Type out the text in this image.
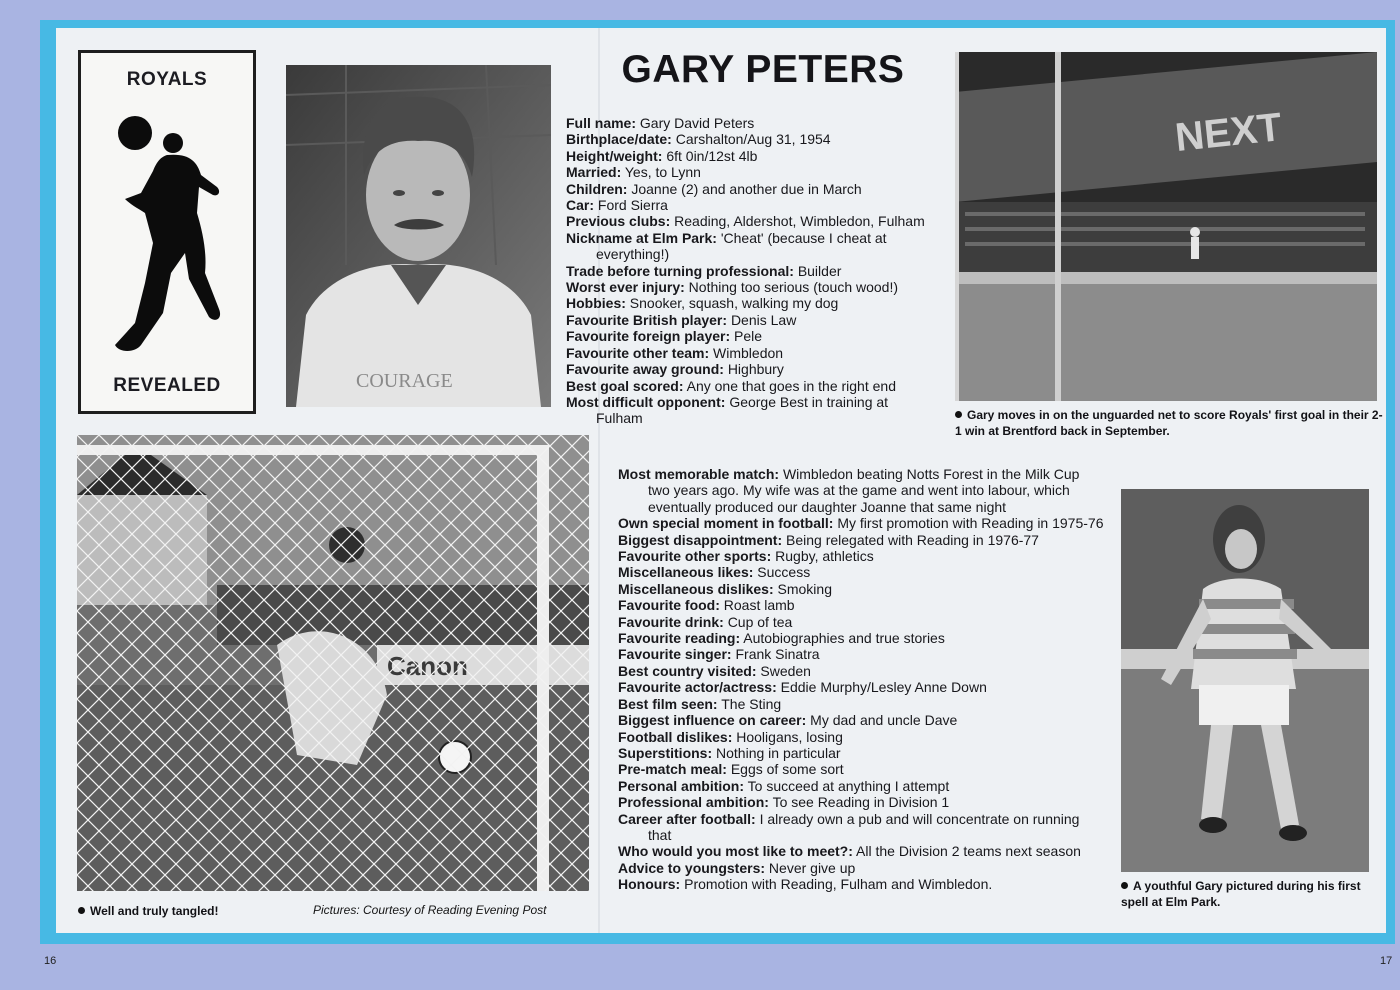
ROYALS
REVEALED	COURAGE
GARY PETERS
Full name: Gary David Peters
Birthplace/date: Carshalton/Aug 31, 1954
Height/weight: 6ft 0in/12st 4lb
Married: Yes, to Lynn
Children: Joanne (2) and another due in March
Car: Ford Sierra
Previous clubs: Reading, Aldershot, Wimbledon, Fulham
Nickname at Elm Park: 'Cheat' (because I cheat at everything!)
Trade before turning professional: Builder
Worst ever injury: Nothing too serious (touch wood!)
Hobbies: Snooker, squash, walking my dog
Favourite British player: Denis Law
Favourite foreign player: Pele
Favourite other team: Wimbledon
Favourite away ground: Highbury
Best goal scored: Any one that goes in the right end
Most difficult opponent: George Best in training at Fulham
NEXT
Gary moves in on the unguarded net to score Royals' first goal in their 2-1 win at Brentford back in September.
Well and truly tangled!	Pictures: Courtesy of Reading Evening Post
Most memorable match: Wimbledon beating Notts Forest in the Milk Cup two years ago. My wife was at the game and went into labour, which eventually produced our daughter Joanne that same night
Own special moment in football: My first promotion with Reading in 1975-76
Biggest disappointment: Being relegated with Reading in 1976-77
Favourite other sports: Rugby, athletics
Miscellaneous likes: Success
Miscellaneous dislikes: Smoking
Favourite food: Roast lamb
Favourite drink: Cup of tea
Favourite reading: Autobiographies and true stories
Favourite singer: Frank Sinatra
Best country visited: Sweden
Favourite actor/actress: Eddie Murphy/Lesley Anne Down
Best film seen: The Sting
Biggest influence on career: My dad and uncle Dave
Football dislikes: Hooligans, losing
Superstitions: Nothing in particular
Pre-match meal: Eggs of some sort
Personal ambition: To succeed at anything I attempt
Professional ambition: To see Reading in Division 1
Career after football: I already own a pub and will concentrate on running that
Who would you most like to meet?: All the Division 2 teams next season
Advice to youngsters: Never give up
Honours: Promotion with Reading, Fulham and Wimbledon.	A youthful Gary pictured during his first spell at Elm Park.
16	17
